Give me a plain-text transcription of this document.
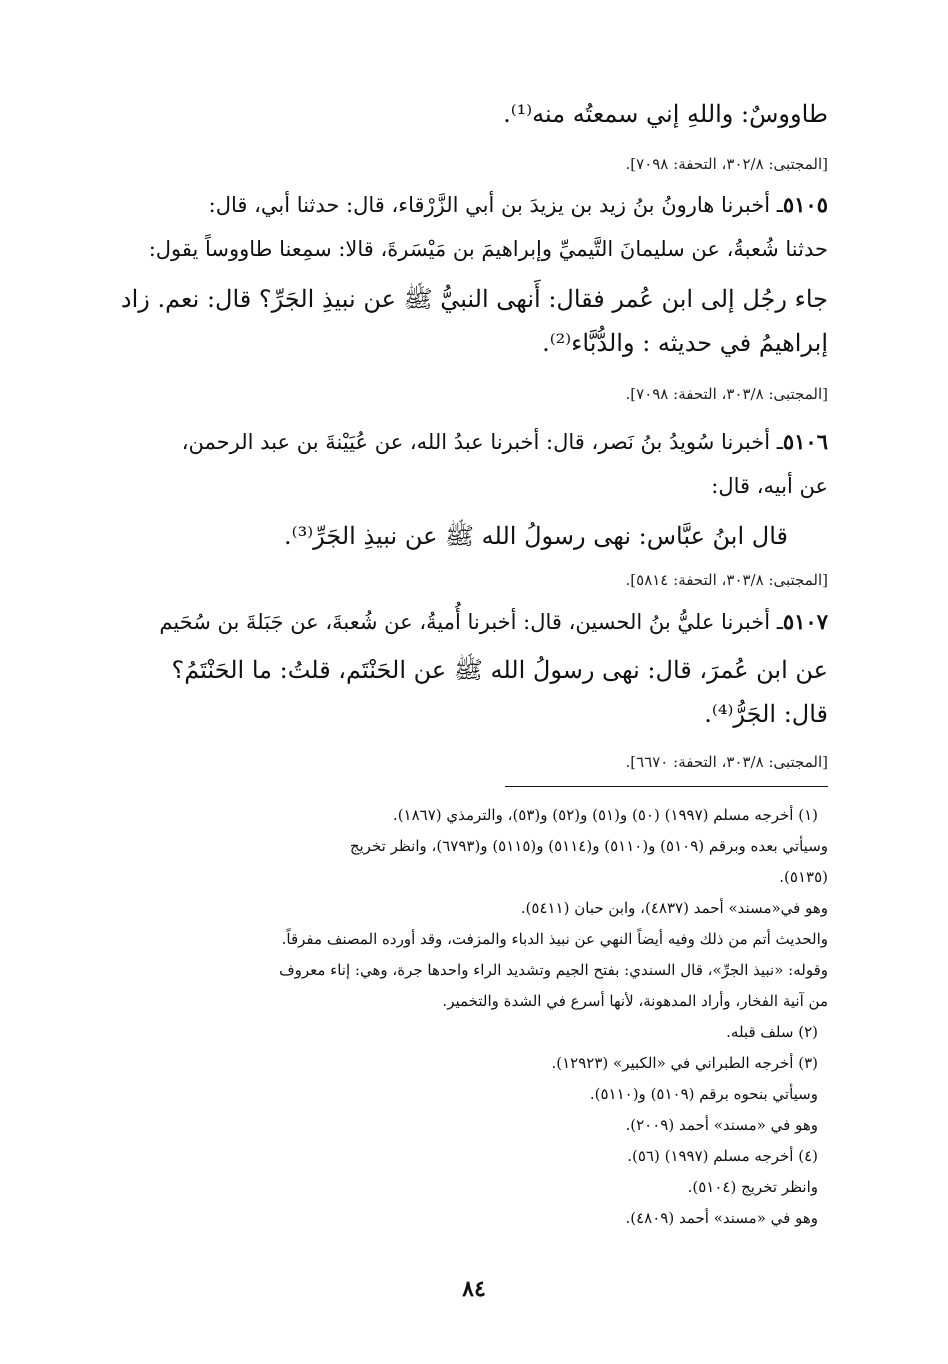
طاووسٌ: واللهِ إني سمعتُه منه⁽¹⁾.
[المجتبى: ٣٠٢/٨، التحفة: ٧٠٩٨].
٥١٠٥ـ أخبرنا هارونُ بنُ زيد بن يزيدَ بن أبي الزَّرْقاء، قال: حدثنا أبي، قال:
حدثنا شُعبةُ، عن سليمانَ التَّيميِّ وإبراهيمَ بن مَيْسَرةَ، قالا: سمِعنا طاووساً يقول:
جاء رجُل إلى ابن عُمر فقال: أَنهى النبيُّ ﷺ عن نبيذِ الجَرِّ؟ قال: نعم. زاد
إبراهيمُ في حديثه : والدُّبَّاء⁽²⁾.
[المجتبى: ٣٠٣/٨، التحفة: ٧٠٩٨].
٥١٠٦ـ أخبرنا سُويدُ بنُ نَصر، قال: أخبرنا عبدُ الله، عن عُيَيْنةَ بن عبد الرحمن،
عن أبيه، قال:
قال ابنُ عبَّاس: نهى رسولُ الله ﷺ عن نبيذِ الجَرِّ⁽³⁾.
[المجتبى: ٣٠٣/٨، التحفة: ٥٨١٤].
٥١٠٧ـ أخبرنا عليُّ بنُ الحسين، قال: أخبرنا أُميةُ، عن شُعبةَ، عن جَبَلةَ بن سُحَيم
عن ابن عُمرَ، قال: نهى رسولُ الله ﷺ عن الحَنْتَم، قلتُ: ما الحَنْتَمُ؟
قال: الجَرُّ⁽⁴⁾.
[المجتبى: ٣٠٣/٨، التحفة: ٦٦٧٠].
(١) أخرجه مسلم (١٩٩٧) (٥٠) و(٥١) و(٥٢) و(٥٣)، والترمذي (١٨٦٧).
وسيأتي بعده وبرقم (٥١٠٩) و(٥١١٠) و(٥١١٤) و(٥١١٥) و(٦٧٩٣)، وانظر تخريج
(٥١٣٥).
وهو في«مسند» أحمد (٤٨٣٧)، وابن حبان (٥٤١١).
والحديث أتم من ذلك وفيه أيضاً النهي عن نبيذ الدباء والمزفت، وقد أورده المصنف مفرقاً.
وقوله: «نبيذ الجرِّ»، قال السندي: بفتح الجيم وتشديد الراء واحدها جرة، وهي: إناء معروف
من آنية الفخار، وأراد المدهونة، لأنها أسرع في الشدة والتخمير.
(٢) سلف قبله.
(٣) أخرجه الطبراني في «الكبير» (١٢٩٢٣).
وسيأتي بنحوه برقم (٥١٠٩) و(٥١١٠).
وهو في «مسند» أحمد (٢٠٠٩).
(٤) أخرجه مسلم (١٩٩٧) (٥٦).
وانظر تخريج (٥١٠٤).
وهو في «مسند» أحمد (٤٨٠٩).
٨٤
